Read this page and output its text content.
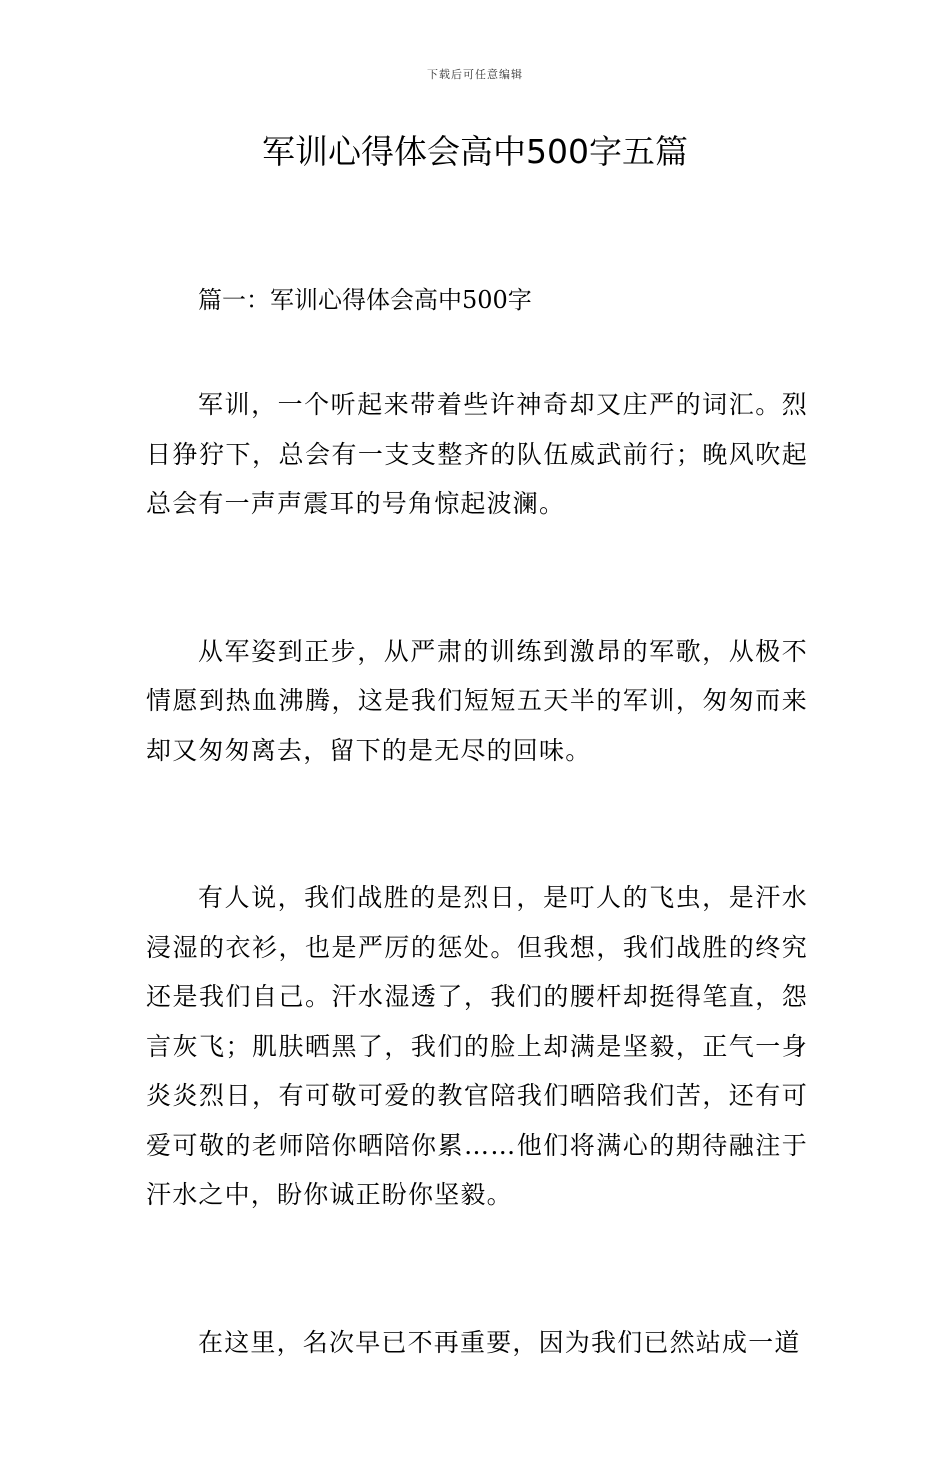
下载后可任意编辑
军训心得体会高中500字五篇
篇一：军训心得体会高中500字

军训，一个听起来带着些许神奇却又庄严的词汇。烈日狰狞下，总会有一支支整齐的队伍威武前行；晚风吹起总会有一声声震耳的号角惊起波澜。

从军姿到正步，从严肃的训练到激昂的军歌，从极不情愿到热血沸腾，这是我们短短五天半的军训，匆匆而来却又匆匆离去，留下的是无尽的回味。

有人说，我们战胜的是烈日，是叮人的飞虫，是汗水浸湿的衣衫，也是严厉的惩处。但我想，我们战胜的终究还是我们自己。汗水湿透了，我们的腰杆却挺得笔直，怨言灰飞；肌肤晒黑了，我们的脸上却满是坚毅，正气一身炎炎烈日，有可敬可爱的教官陪我们晒陪我们苦，还有可爱可敬的老师陪你晒陪你累……他们将满心的期待融注于汗水之中，盼你诚正盼你坚毅。

在这里，名次早已不再重要，因为我们已然站成一道
